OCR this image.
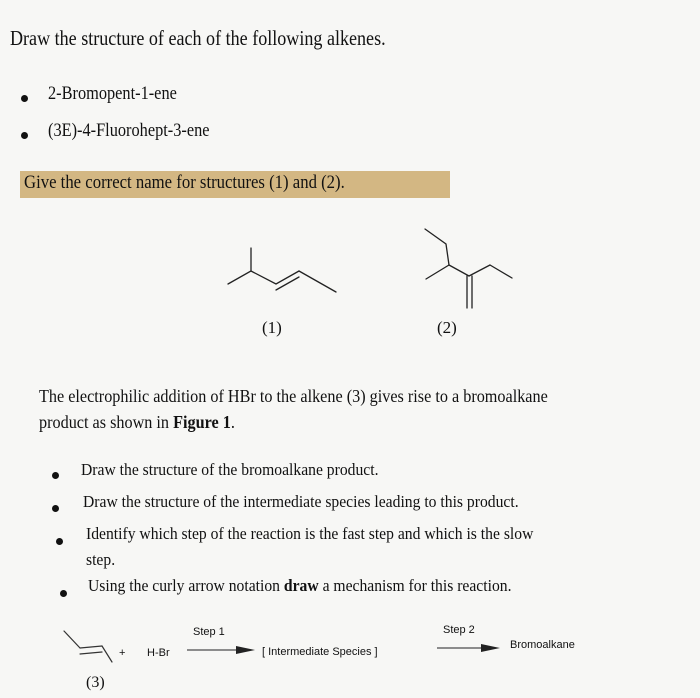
Draw the structure of each of the following alkenes.
2-Bromopent-1-ene
(3E)-4-Fluorohept-3-ene
Give the correct name for structures (1) and (2).
(1)	(2)
The electrophilic addition of HBr to the alkene (3) gives rise to a bromoalkane
product as shown in Figure 1.
Draw the structure of the bromoalkane product.
Draw the structure of the intermediate species leading to this product.
Identify which step of the reaction is the fast step and which is the slow
step.
Using the curly arrow notation draw a mechanism for this reaction.
+ H-Br
Step 1
[ Intermediate Species ]
Step 2
Bromoalkane
(3)
